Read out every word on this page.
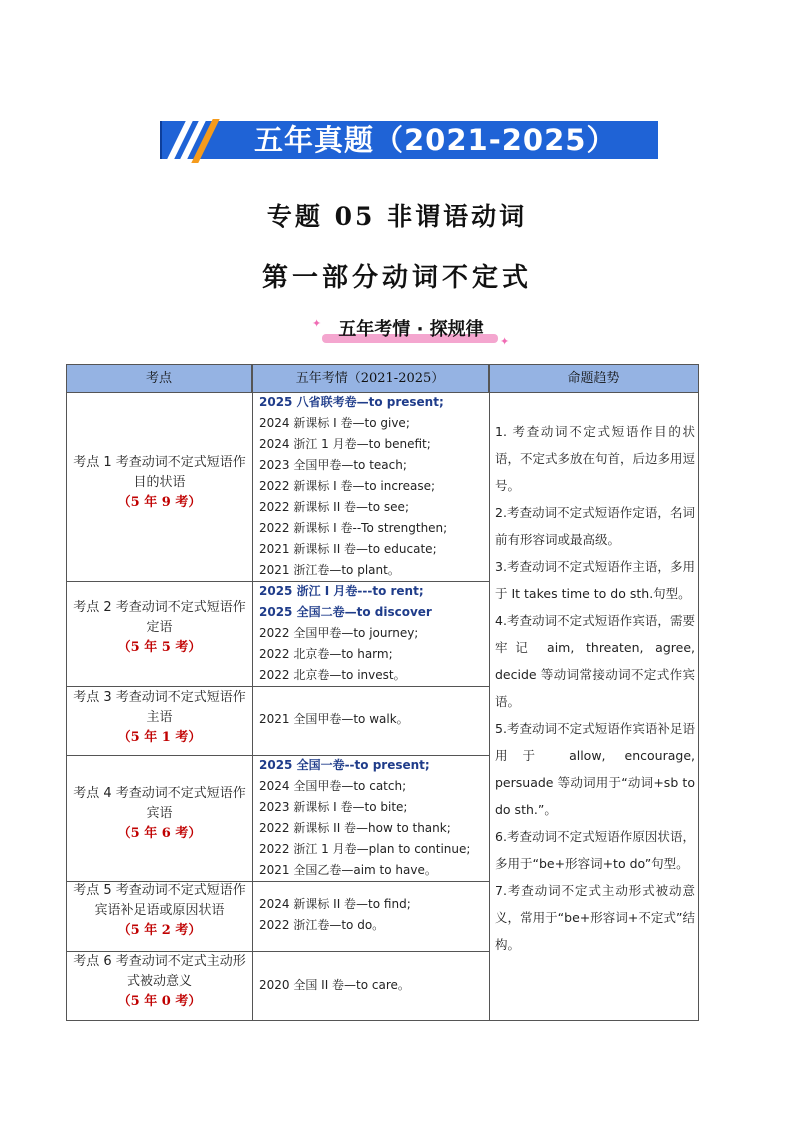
五年真题（2021-2025）
专题 05 非谓语动词
第一部分动词不定式
五年考情 · 探规律
✦
✦
考点	五年考情（2021-2025）	命题趋势
考点 1 考查动词不定式短语作目的状语
（5 年 9 考）
2025 八省联考卷—to present;
2024 新课标 I 卷—to give;
2024 浙江 1 月卷—to benefit;
2023 全国甲卷—to teach;
2022 新课标 I 卷—to increase;
2022 新课标 II 卷—to see;
2022 新课标 I 卷--To strengthen;
2021 新课标 II 卷—to educate;
2021 浙江卷—to plant。
考点 2 考查动词不定式短语作定语
（5 年 5 考）
2025 浙江 I 月卷---to rent;
2025 全国二卷—to discover
2022 全国甲卷—to journey;
2022 北京卷—to harm;
2022 北京卷—to invest。
考点 3 考查动词不定式短语作主语
（5 年 1 考）
2021 全国甲卷—to walk。
考点 4 考查动词不定式短语作宾语
（5 年 6 考）
2025 全国一卷--to present;
2024 全国甲卷—to catch;
2023 新课标 I 卷—to bite;
2022 新课标 II 卷—how to thank;
2022 浙江 1 月卷—plan to continue;
2021 全国乙卷—aim to have。
考点 5 考查动词不定式短语作宾语补足语或原因状语
（5 年 2 考）
2024 新课标 II 卷—to find;
2022 浙江卷—to do。
考点 6 考查动词不定式主动形式被动意义
（5 年 0 考）
2020 全国 II 卷—to care。

1. 考查动词不定式短语作目的状语，不定式多放在句首，后边多用逗号。

2.考查动词不定式短语作定语，名词前有形容词或最高级。

3.考查动词不定式短语作主语，多用于 It takes time to do sth.句型。

4.考查动词不定式短语作宾语，需要牢记 aim, threaten, agree, decide 等动词常接动词不定式作宾语。

5.考查动词不定式短语作宾语补足语用于 allow, encourage, persuade 等动词用于“动词+sb to do sth.”。

6.考查动词不定式短语作原因状语，多用于“be+形容词+to do”句型。

7.考查动词不定式主动形式被动意义，常用于“be+形容词+不定式”结构。
